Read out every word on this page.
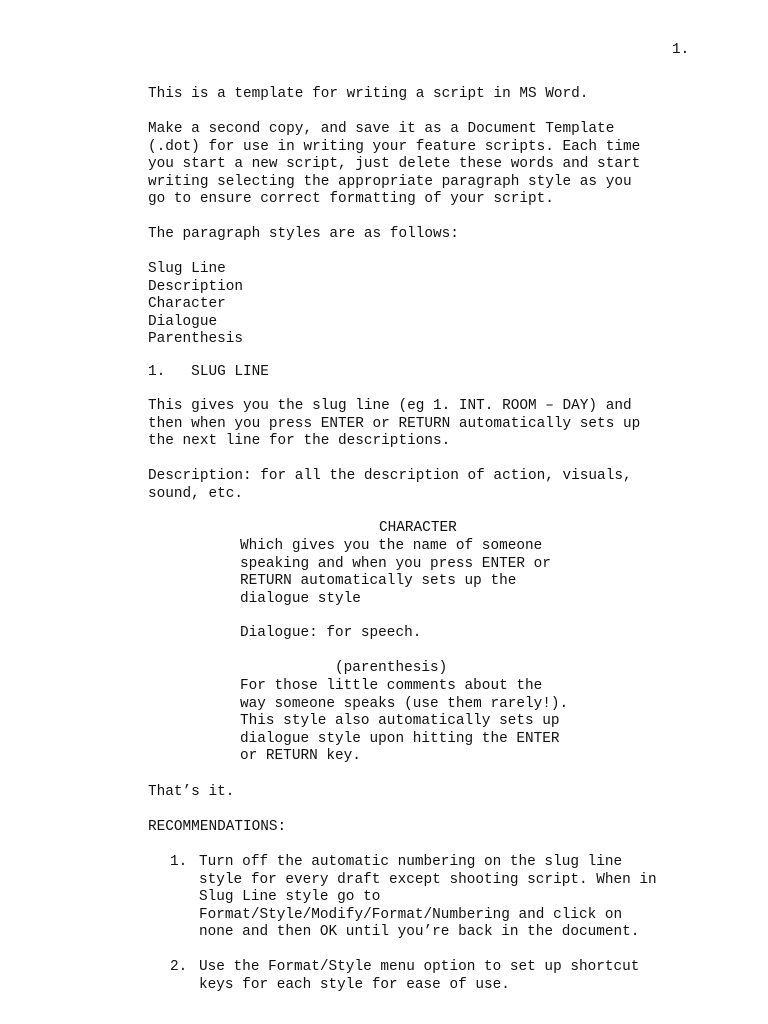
1.
This is a template for writing a script in MS Word.
Make a second copy, and save it as a Document Template
(.dot) for use in writing your feature scripts. Each time
you start a new script, just delete these words and start
writing selecting the appropriate paragraph style as you
go to ensure correct formatting of your script.
The paragraph styles are as follows:
Slug Line
Description
Character
Dialogue
Parenthesis
1.   SLUG LINE
This gives you the slug line (eg 1. INT. ROOM – DAY) and
then when you press ENTER or RETURN automatically sets up
the next line for the descriptions.
Description: for all the description of action, visuals,
sound, etc.
CHARACTER
Which gives you the name of someone
speaking and when you press ENTER or
RETURN automatically sets up the
dialogue style
Dialogue: for speech.
(parenthesis)
For those little comments about the
way someone speaks (use them rarely!).
This style also automatically sets up
dialogue style upon hitting the ENTER
or RETURN key.
That’s it.
RECOMMENDATIONS:
1. Turn off the automatic numbering on the slug line
style for every draft except shooting script. When in
Slug Line style go to
Format/Style/Modify/Format/Numbering and click on
none and then OK until you’re back in the document.
2. Use the Format/Style menu option to set up shortcut
keys for each style for ease of use.
